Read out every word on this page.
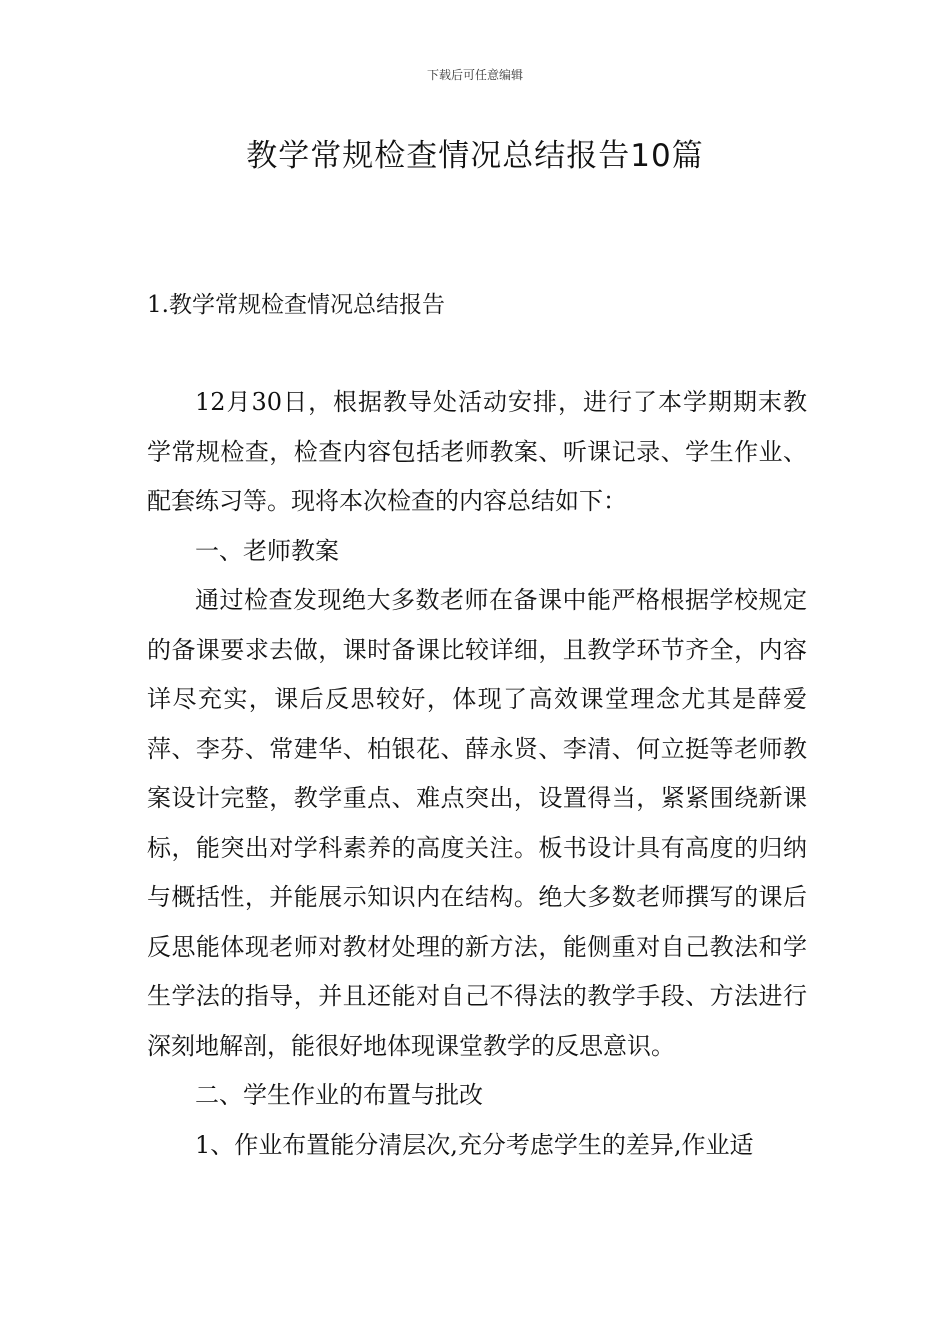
下载后可任意编辑
教学常规检查情况总结报告10篇
1.教学常规检查情况总结报告

12月30日，根据教导处活动安排，进行了本学期期末教学常规检查，检查内容包括老师教案、听课记录、学生作业、配套练习等。现将本次检查的内容总结如下：

一、老师教案

通过检查发现绝大多数老师在备课中能严格根据学校规定的备课要求去做，课时备课比较详细，且教学环节齐全，内容详尽充实，课后反思较好，体现了高效课堂理念尤其是薛爱萍、李芬、常建华、柏银花、薛永贤、李清、何立挺等老师教案设计完整，教学重点、难点突出，设置得当，紧紧围绕新课标，能突出对学科素养的高度关注。板书设计具有高度的归纳与概括性，并能展示知识内在结构。绝大多数老师撰写的课后反思能体现老师对教材处理的新方法，能侧重对自己教法和学生学法的指导，并且还能对自己不得法的教学手段、方法进行深刻地解剖，能很好地体现课堂教学的反思意识。

二、学生作业的布置与批改

1、作业布置能分清层次,充分考虑学生的差异,作业适
